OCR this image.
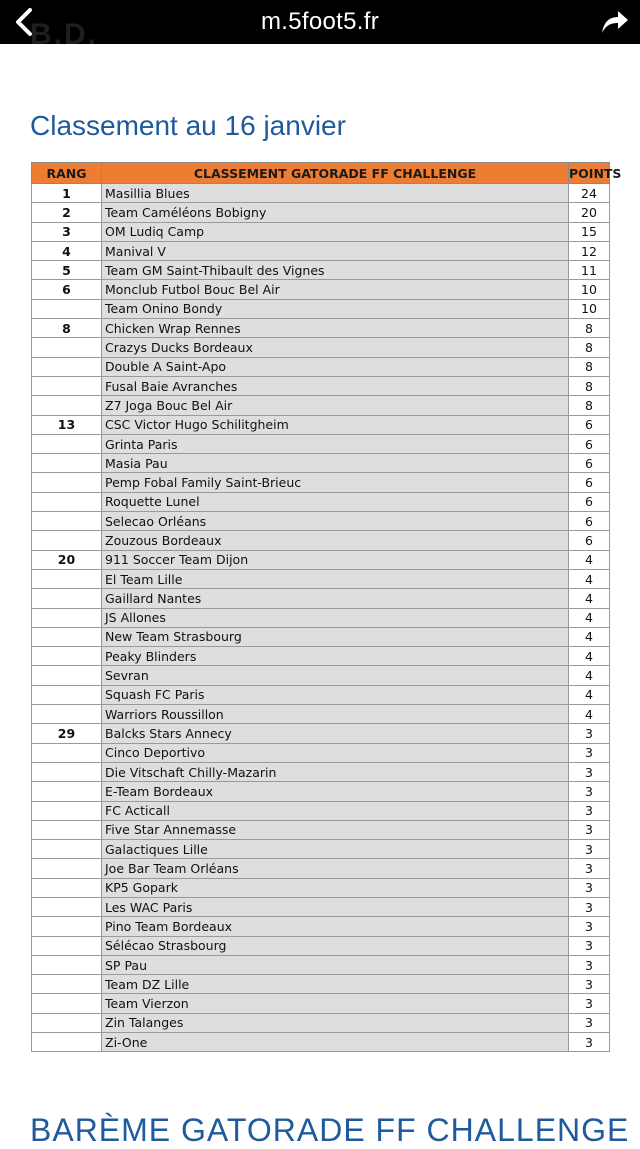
m.5foot5.fr
B.D.
Classement au 16 janvier
RANG	CLASSEMENT GATORADE FF CHALLENGE	POINTS
1	Masillia Blues	24
2	Team Caméléons Bobigny	20
3	OM Ludiq Camp	15
4	Manival V	12
5	Team GM Saint-Thibault des Vignes	11
6	Monclub Futbol Bouc Bel Air	10
	Team Onino Bondy	10
8	Chicken Wrap Rennes	8
	Crazys Ducks Bordeaux	8
	Double A Saint-Apo	8
	Fusal Baie Avranches	8
	Z7 Joga Bouc Bel Air	8
13	CSC Victor Hugo Schilitgheim	6
	Grinta Paris	6
	Masia Pau	6
	Pemp Fobal Family Saint-Brieuc	6
	Roquette Lunel	6
	Selecao Orléans	6
	Zouzous Bordeaux	6
20	911 Soccer Team Dijon	4
	El Team Lille	4
	Gaillard Nantes	4
	JS Allones	4
	New Team Strasbourg	4
	Peaky Blinders	4
	Sevran	4
	Squash FC Paris	4
	Warriors Roussillon	4
29	Balcks Stars Annecy	3
	Cinco Deportivo	3
	Die Vitschaft Chilly-Mazarin	3
	E-Team Bordeaux	3
	FC Acticall	3
	Five Star Annemasse	3
	Galactiques Lille	3
	Joe Bar Team Orléans	3
	KP5 Gopark	3
	Les WAC Paris	3
	Pino Team Bordeaux	3
	Sélécao Strasbourg	3
	SP Pau	3
	Team DZ Lille	3
	Team Vierzon	3
	Zin Talanges	3
	Zi-One	3
BARÈME GATORADE FF CHALLENGE
